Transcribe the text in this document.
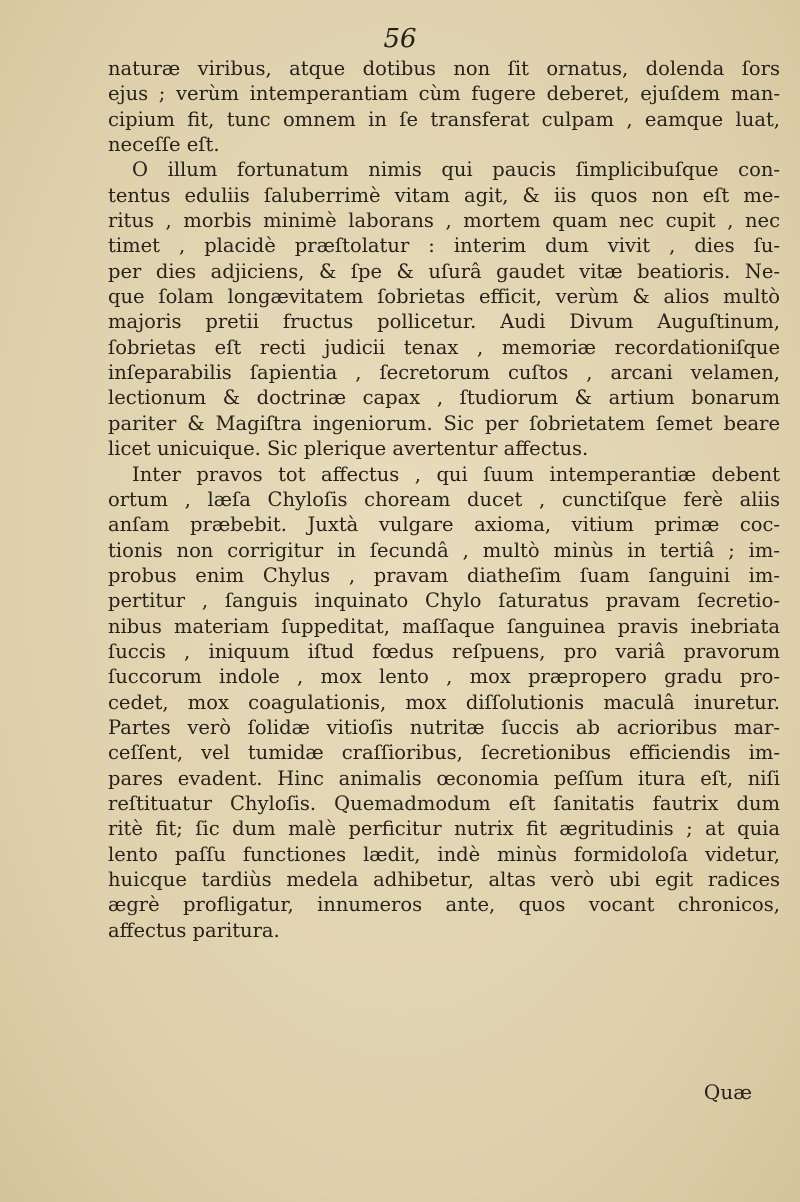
56
naturæ viribus, atque dotibus non ſit ornatus, dolenda ſors
ejus ; verùm intemperantiam cùm fugere deberet, ejuſdem man-
cipium fit, tunc omnem in ſe transferat culpam , eamque luat,
neceſſe eſt.
O illum fortunatum nimis qui paucis ſimplicibuſque con-
tentus eduliis ſaluberrimè vitam agit, & iis quos non eſt me-
ritus , morbis minimè laborans , mortem quam nec cupit , nec
timet , placidè præſtolatur : interim dum vivit , dies ſu-
per dies adjiciens, & ſpe & uſurâ gaudet vitæ beatioris. Ne-
que ſolam longævitatem ſobrietas efficit, verùm & alios multò
majoris pretii fructus pollicetur. Audi Divum Auguſtinum,
ſobrietas eſt recti judicii tenax , memoriæ recordationiſque
inſeparabilis ſapientia , ſecretorum cuſtos , arcani velamen,
lectionum & doctrinæ capax , ſtudiorum & artium bonarum
pariter & Magiſtra ingeniorum. Sic per ſobrietatem ſemet beare
licet unicuique. Sic plerique avertentur affectus.
Inter pravos tot affectus , qui ſuum intemperantiæ debent
ortum , læſa Chyloſis choream ducet , cunctiſque ferè aliis
anſam præbebit. Juxtà vulgare axioma, vitium primæ coc-
tionis non corrigitur in ſecundâ , multò minùs in tertiâ ; im-
probus enim Chylus , pravam diatheſim ſuam ſanguini im-
pertitur , ſanguis inquinato Chylo ſaturatus pravam ſecretio-
nibus materiam ſuppeditat, maſſaque ſanguinea pravis inebriata
ſuccis , iniquum iſtud fœdus reſpuens, pro variâ pravorum
ſuccorum indole , mox lento , mox præpropero gradu pro-
cedet, mox coagulationis, mox diſſolutionis maculâ inuretur.
Partes verò ſolidæ vitioſis nutritæ ſuccis ab acrioribus mar-
ceſſent, vel tumidæ craſſioribus, ſecretionibus efficiendis im-
pares evadent. Hinc animalis œconomia peſſum itura eſt, niſi
reſtituatur Chyloſis. Quemadmodum eſt ſanitatis fautrix dum
ritè fit; ſic dum malè perficitur nutrix fit ægritudinis ; at quia
lento paſſu functiones lædit, indè minùs formidoloſa videtur,
huicque tardiùs medela adhibetur, altas verò ubi egit radices
ægrè profligatur, innumeros ante, quos vocant chronicos,
affectus paritura.
Quæ
